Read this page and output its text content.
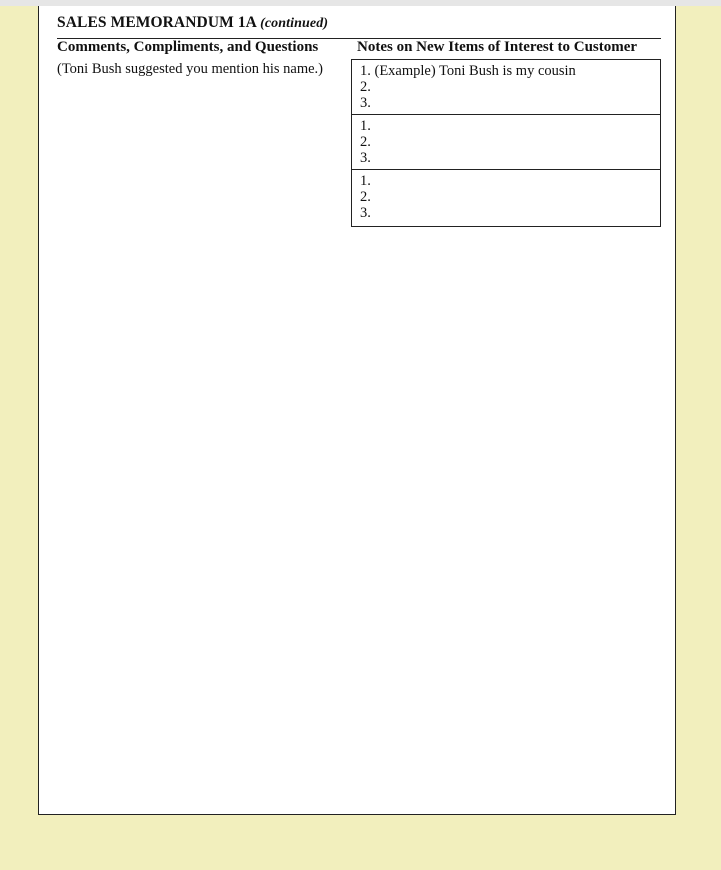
SALES MEMORANDUM 1A (continued)
Comments, Compliments, and Questions	Notes on New Items of Interest to Customer
(Toni Bush suggested you mention his name.)	1. (Example) Toni Bush is my cousin
2.
3.
1.
2.
3.
1.
2.
3.
